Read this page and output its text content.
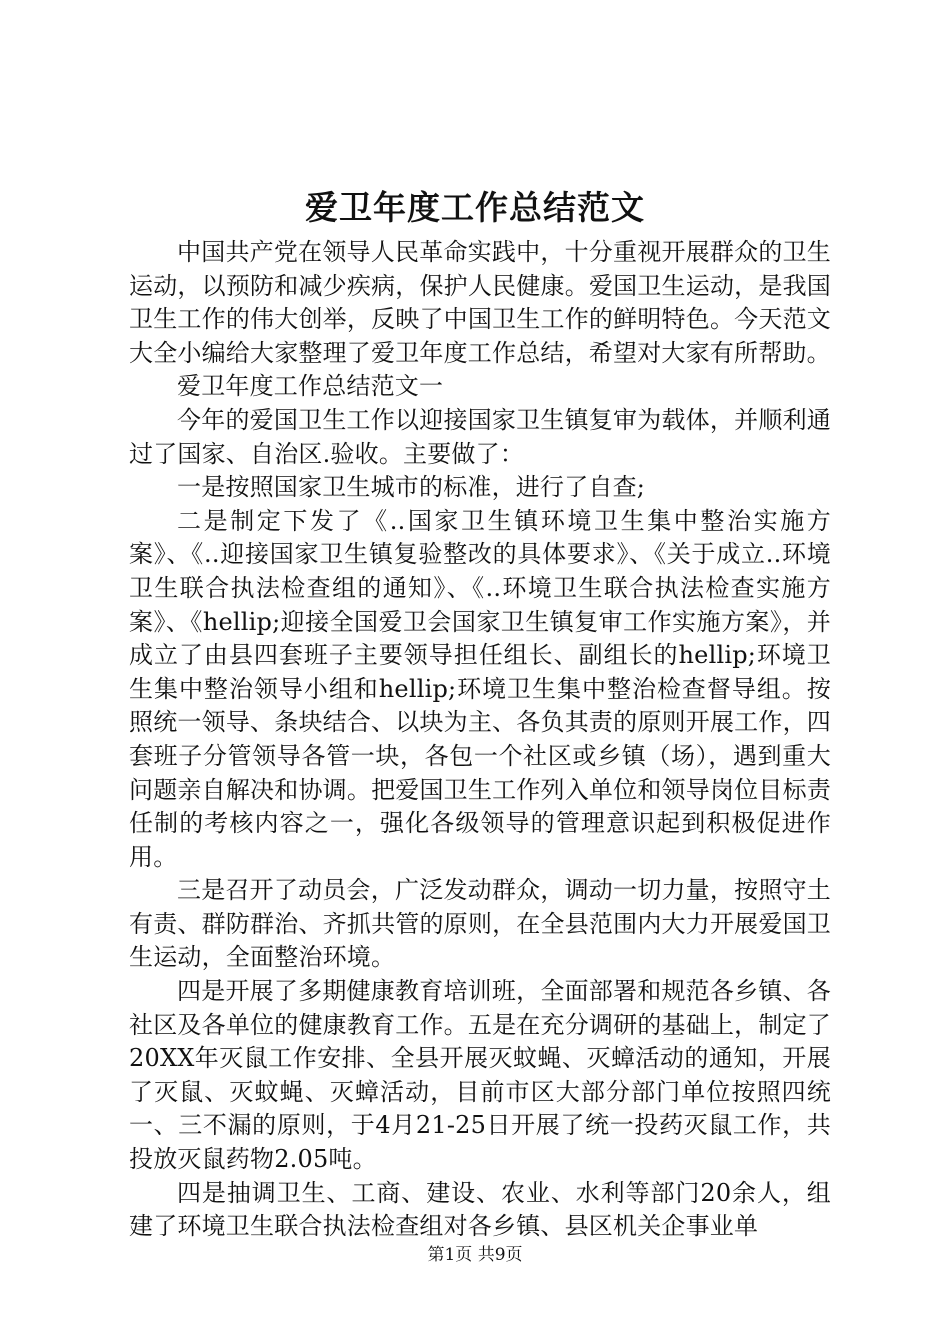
爱卫年度工作总结范文

中国共产党在领导人民革命实践中，十分重视开展群众的卫生运动，以预防和减少疾病，保护人民健康。爱国卫生运动，是我国卫生工作的伟大创举，反映了中国卫生工作的鲜明特色。今天范文大全小编给大家整理了爱卫年度工作总结，希望对大家有所帮助。

爱卫年度工作总结范文一

今年的爱国卫生工作以迎接国家卫生镇复审为载体，并顺利通过了国家、自治区.验收。主要做了：

一是按照国家卫生城市的标准，进行了自查;

二是制定下发了《..国家卫生镇环境卫生集中整治实施方案》、《..迎接国家卫生镇复验整改的具体要求》、《关于成立..环境卫生联合执法检查组的通知》、《..环境卫生联合执法检查实施方案》、《hellip;迎接全国爱卫会国家卫生镇复审工作实施方案》，并成立了由县四套班子主要领导担任组长、副组长的hellip;环境卫生集中整治领导小组和hellip;环境卫生集中整治检查督导组。按照统一领导、条块结合、以块为主、各负其责的原则开展工作，四套班子分管领导各管一块，各包一个社区或乡镇（场），遇到重大问题亲自解决和协调。把爱国卫生工作列入单位和领导岗位目标责任制的考核内容之一，强化各级领导的管理意识起到积极促进作用。

三是召开了动员会，广泛发动群众，调动一切力量，按照守土有责、群防群治、齐抓共管的原则，在全县范围内大力开展爱国卫生运动，全面整治环境。

四是开展了多期健康教育培训班，全面部署和规范各乡镇、各社区及各单位的健康教育工作。五是在充分调研的基础上，制定了20XX年灭鼠工作安排、全县开展灭蚊蝇、灭蟑活动的通知，开展了灭鼠、灭蚊蝇、灭蟑活动，目前市区大部分部门单位按照四统一、三不漏的原则，于4月21-25日开展了统一投药灭鼠工作，共投放灭鼠药物2.05吨。

四是抽调卫生、工商、建设、农业、水利等部门20余人，组建了环境卫生联合执法检查组对各乡镇、县区机关企事业单

第1页 共9页
